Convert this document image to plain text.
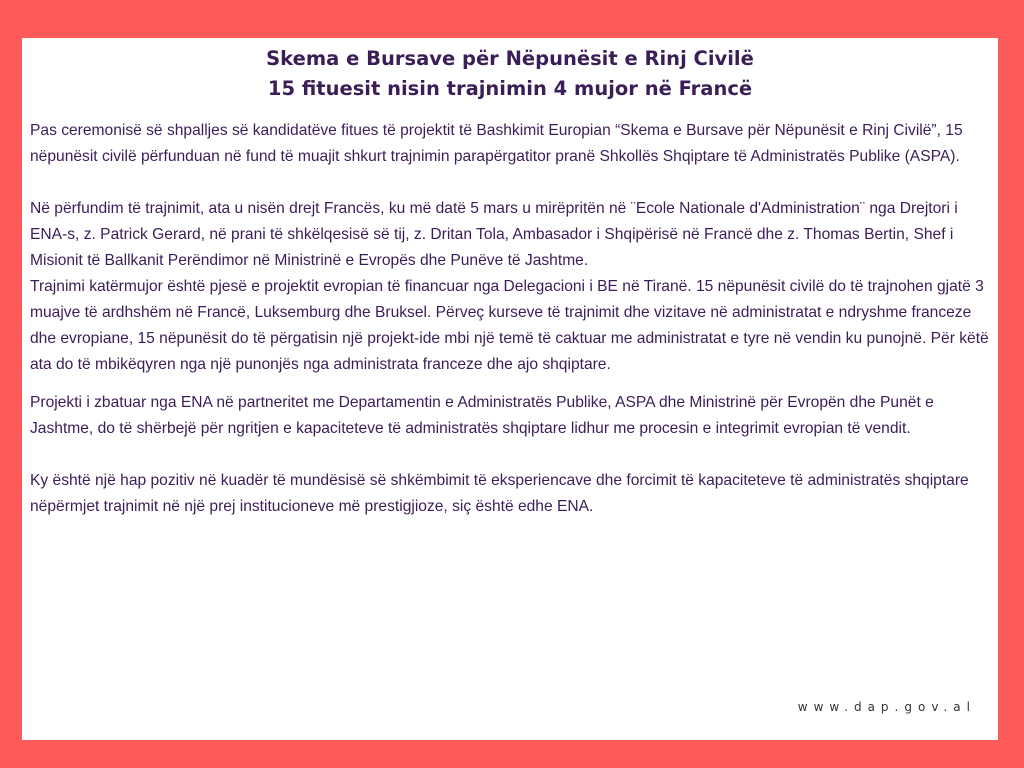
Skema e Bursave për Nëpunësit e Rinj Civilë
15 fituesit nisin trajnimin 4 mujor në Francë

Pas ceremonisë së shpalljes së kandidatëve fitues të projektit të Bashkimit Europian “Skema e Bursave për Nëpunësit e Rinj Civilë”, 15 nëpunësit civilë përfunduan në fund të muajit shkurt trajnimin parapërgatitor pranë Shkollës Shqiptare të Administratës Publike (ASPA).

Në përfundim të trajnimit, ata u nisën drejt Francës, ku më datë 5 mars u mirëpritën në ¨Ecole Nationale d'Administration¨ nga Drejtori i ENA-s, z. Patrick Gerard, në prani të shkëlqesisë së tij, z. Dritan Tola, Ambasador i Shqipërisë në Francë dhe z. Thomas Bertin, Shef i Misionit të Ballkanit Perëndimor në Ministrinë e Evropës dhe Punëve të Jashtme.

Trajnimi katërmujor është pjesë e projektit evropian të financuar nga Delegacioni i BE në Tiranë. 15 nëpunësit civilë do të trajnohen gjatë 3 muajve të ardhshëm në Francë, Luksemburg dhe Bruksel. Përveç kurseve të trajnimit dhe vizitave në administratat e ndryshme franceze dhe evropiane, 15 nëpunësit do të përgatisin një projekt-ide mbi një temë të caktuar me administratat e tyre në vendin ku punojnë. Për këtë ata do të mbikëqyren nga një punonjës nga administrata franceze dhe ajo shqiptare.

Projekti i zbatuar nga ENA në partneritet me Departamentin e Administratës Publike, ASPA dhe Ministrinë për Evropën dhe Punët e Jashtme, do të shërbejë për ngritjen e kapaciteteve të administratës shqiptare lidhur me procesin e integrimit evropian të vendit.

Ky është një hap pozitiv në kuadër të mundësisë së shkëmbimit të eksperiencave dhe forcimit të kapaciteteve të administratës shqiptare nëpërmjet trajnimit në një prej institucioneve më prestigjioze, siç është edhe ENA.

www.dap.gov.al
